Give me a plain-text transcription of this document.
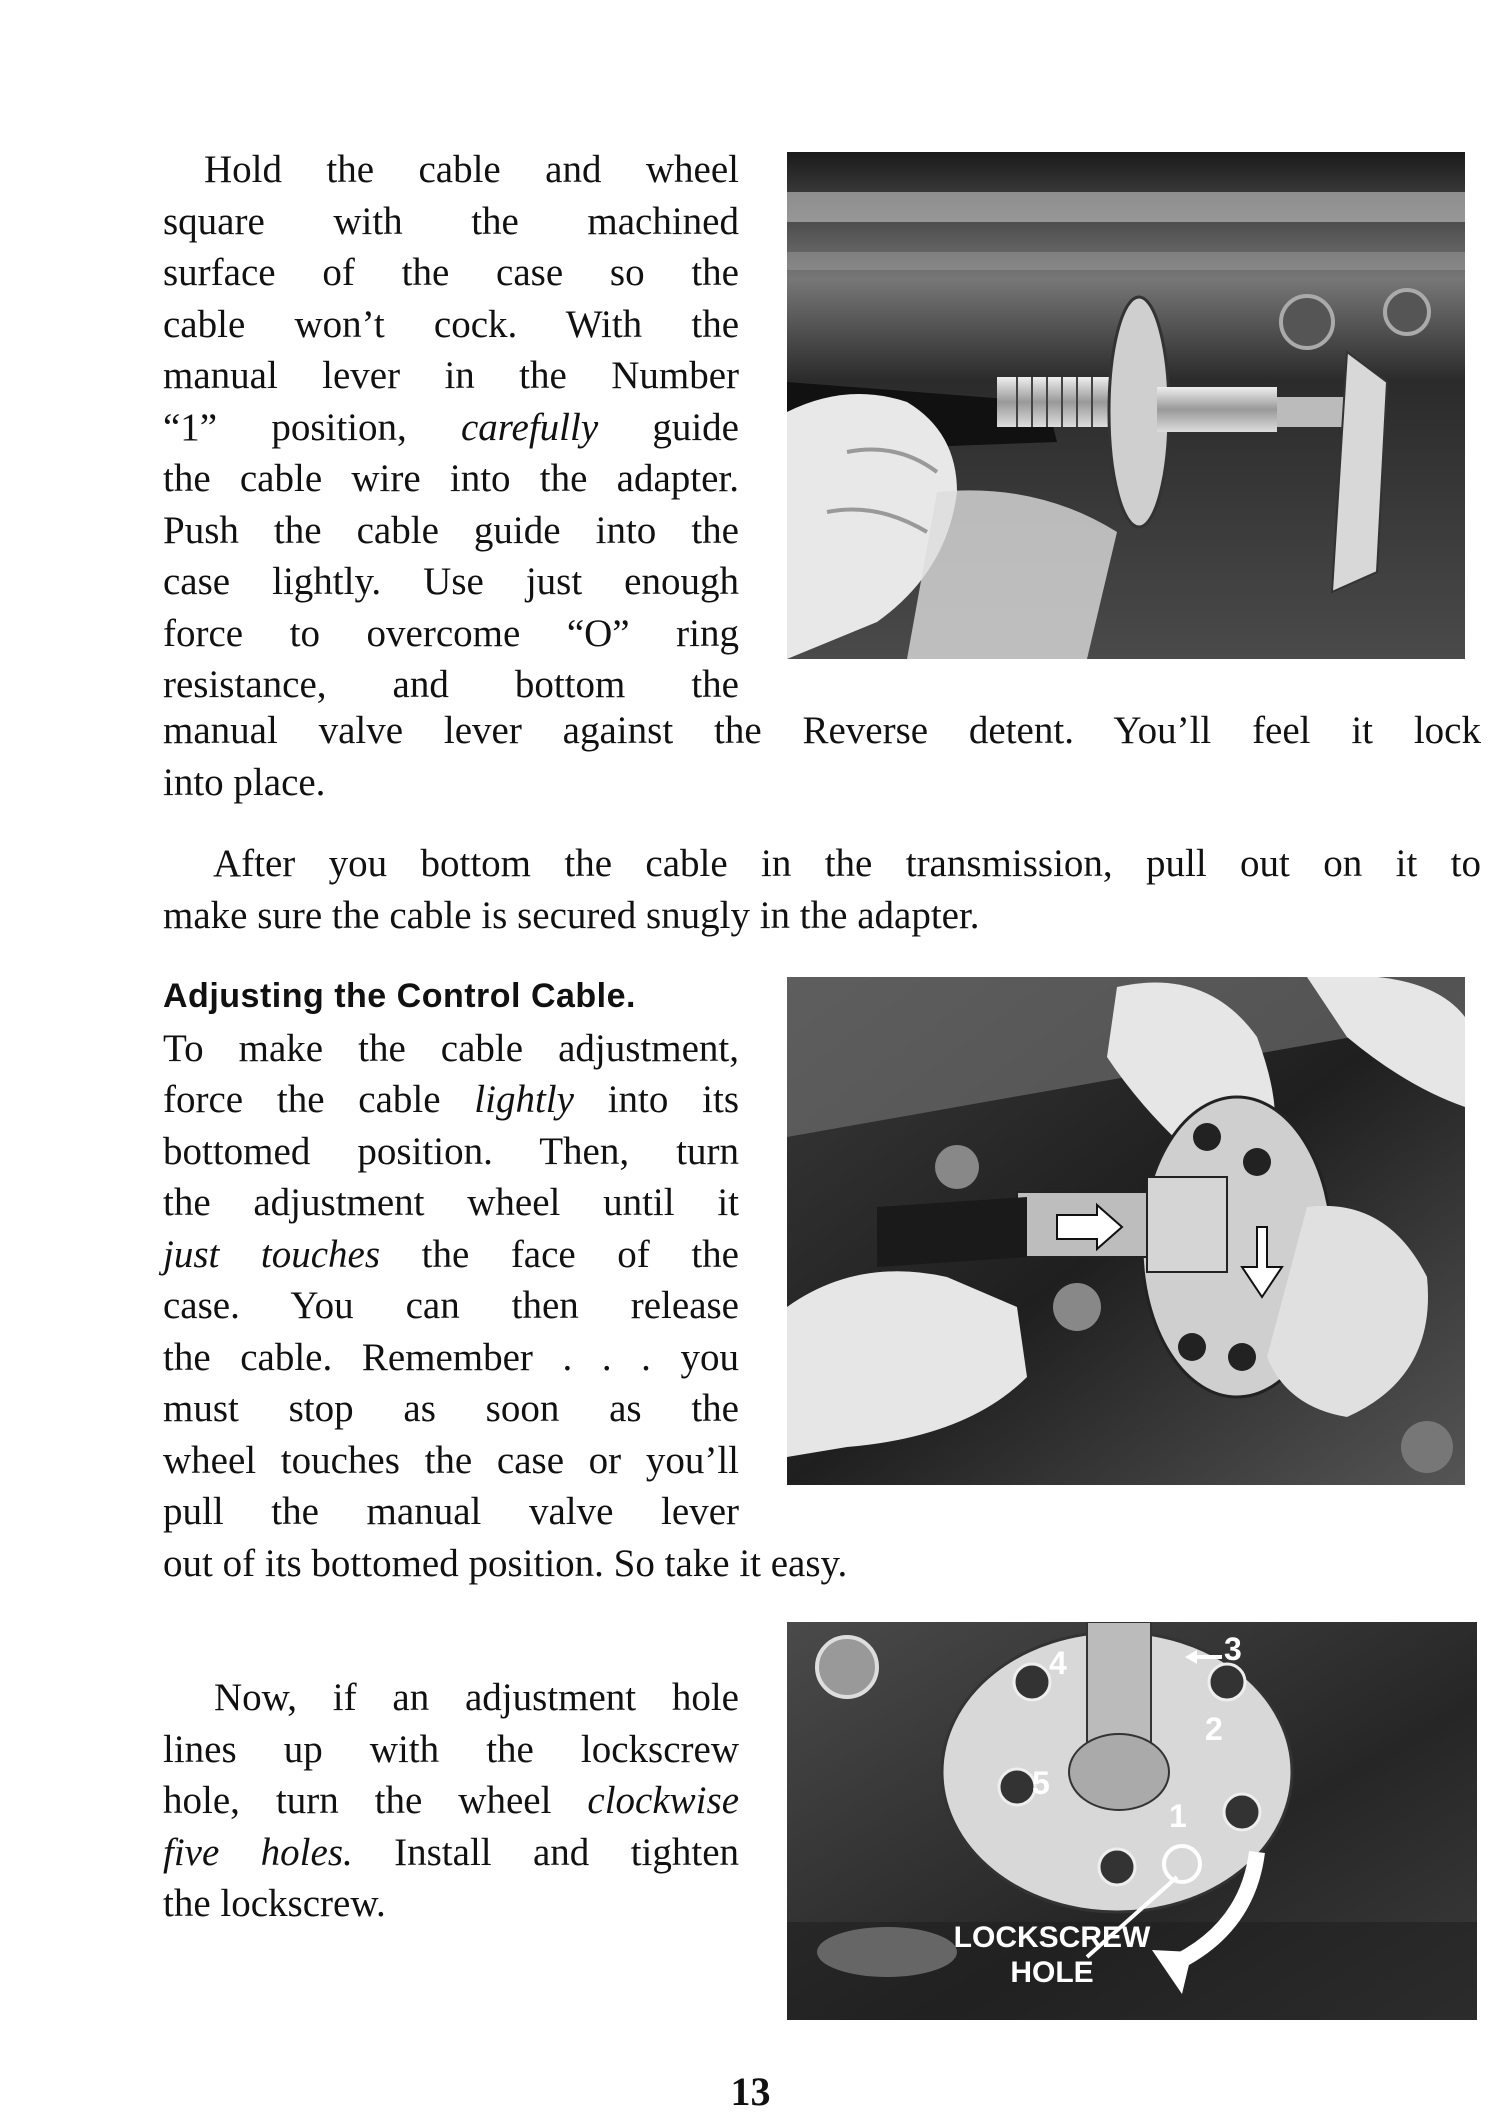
Hold the cable and wheel
square with the machined
surface of the case so the
cable won’t cock. With the
manual lever in the Number
“1” position, carefully guide
the cable wire into the adapter.
Push the cable guide into the
case lightly. Use just enough
force to overcome “O” ring
resistance, and bottom the
manual valve lever against the Reverse detent. You’ll feel it lock
into place.
After you bottom the cable in the transmission, pull out on it to
make sure the cable is secured snugly in the adapter.
Adjusting the Control Cable.
To make the cable adjustment,
force the cable lightly into its
bottomed position. Then, turn
the adjustment wheel until it
just touches the face of the
case. You can then release
the cable. Remember . . . you
must stop as soon as the
wheel touches the case or you’ll
pull the manual valve lever
out of its bottomed position. So take it easy.
Now, if an adjustment hole
lines up with the lockscrew
hole, turn the wheel clockwise
five holes. Install and tighten
the lockscrew.
4	3
2
5
1
LOCKSCREW
HOLE
13
